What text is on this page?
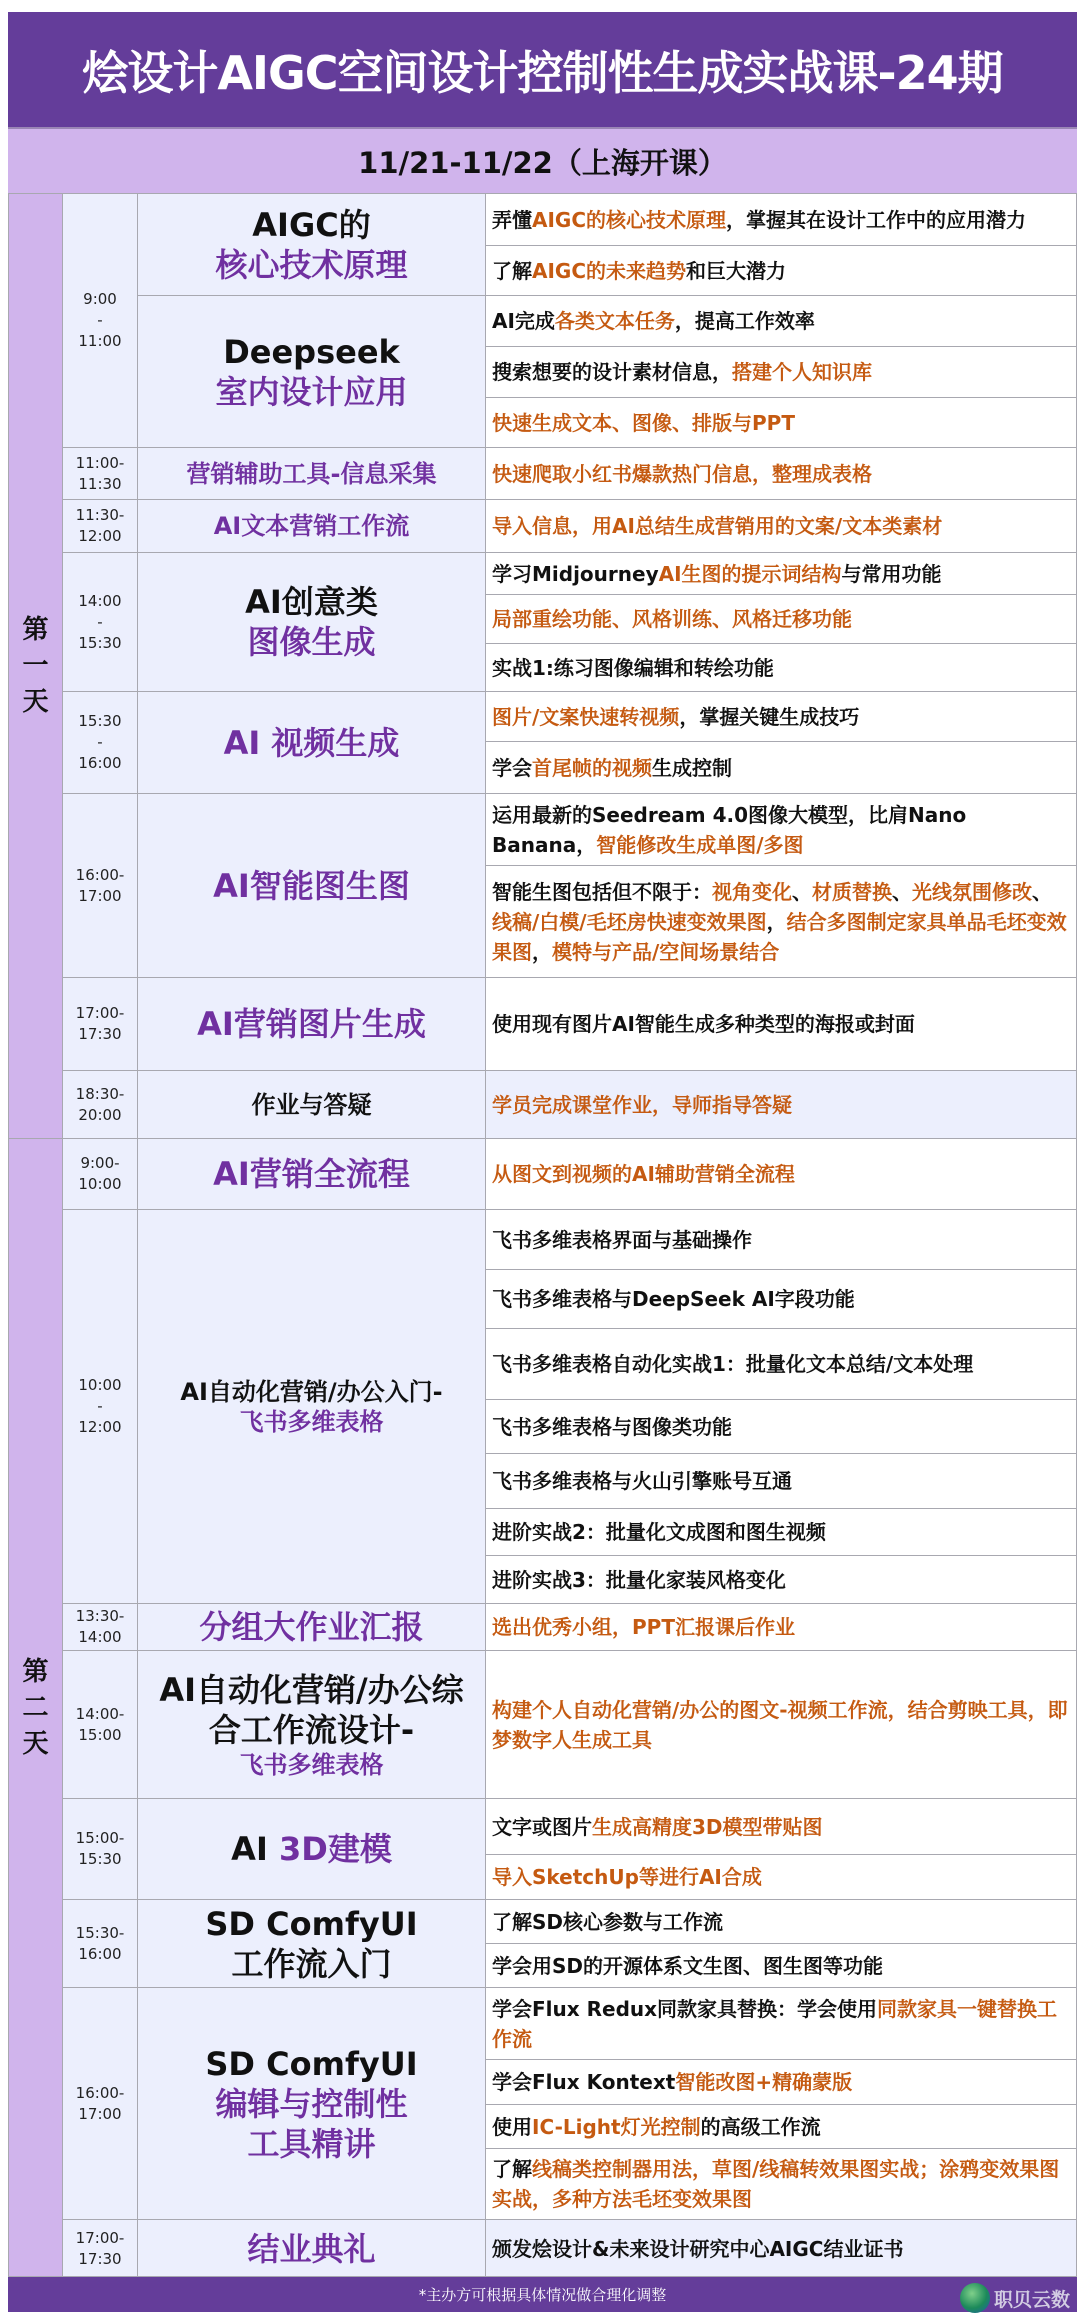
烩设计AIGC空间设计控制性生成实战课-24期
11/21-11/22（上海开课）
第
一
天
9:00
-
11:00
11:00-
11:30
11:30-
12:00
14:00
-
15:30
15:30
-
16:00
16:00-
17:00
17:00-
17:30
18:30-
20:00
AIGC的
核心技术原理
Deepseek
室内设计应用
营销辅助工具-信息采集
AI文本营销工作流
AI创意类
图像生成
AI 视频生成
AI智能图生图
AI营销图片生成
作业与答疑
弄懂AIGC的核心技术原理，掌握其在设计工作中的应用潜力
了解AIGC的未来趋势和巨大潜力
AI完成各类文本任务，提高工作效率
搜索想要的设计素材信息，搭建个人知识库
快速生成文本、图像、排版与PPT
快速爬取小红书爆款热门信息，整理成表格
导入信息，用AI总结生成营销用的文案/文本类素材
学习MidjourneyAI生图的提示词结构与常用功能
局部重绘功能、风格训练、风格迁移功能
实战1:练习图像编辑和转绘功能
图片/文案快速转视频，掌握关键生成技巧
学会首尾帧的视频生成控制
运用最新的Seedream 4.0图像大模型，比肩Nano Banana，智能修改生成单图/多图
智能生图包括但不限于：视角变化、材质替换、光线氛围修改、线稿/白模/毛坯房快速变效果图，结合多图制定家具单品毛坯变效果图，模特与产品/空间场景结合
使用现有图片AI智能生成多种类型的海报或封面
学员完成课堂作业，导师指导答疑
第
二
天
9:00-
10:00
10:00
-
12:00
13:30-
14:00
14:00-
15:00
15:00-
15:30
15:30-
16:00
16:00-
17:00
17:00-
17:30
AI营销全流程
AI自动化营销/办公入门-
飞书多维表格
分组大作业汇报
AI自动化营销/办公综
合工作流设计-
飞书多维表格
AI 3D建模
SD ComfyUI
工作流入门
SD ComfyUI
编辑与控制性
工具精讲
结业典礼
从图文到视频的AI辅助营销全流程
飞书多维表格界面与基础操作
飞书多维表格与DeepSeek AI字段功能
飞书多维表格自动化实战1：批量化文本总结/文本处理
飞书多维表格与图像类功能
飞书多维表格与火山引擎账号互通
进阶实战2：批量化文成图和图生视频
进阶实战3：批量化家装风格变化
选出优秀小组，PPT汇报课后作业
构建个人自动化营销/办公的图文-视频工作流，结合剪映工具，即梦数字人生成工具
文字或图片生成高精度3D模型带贴图
导入SketchUp等进行AI合成
了解SD核心参数与工作流
学会用SD的开源体系文生图、图生图等功能
学会Flux Redux同款家具替换：学会使用同款家具一键替换工作流
学会Flux Kontext智能改图+精确蒙版
使用IC-Light灯光控制的高级工作流
了解线稿类控制器用法，草图/线稿转效果图实战；涂鸦变效果图实战，多种方法毛坯变效果图
颁发烩设计&未来设计研究中心AIGC结业证书
*主办方可根据具体情况做合理化调整	职贝云数
